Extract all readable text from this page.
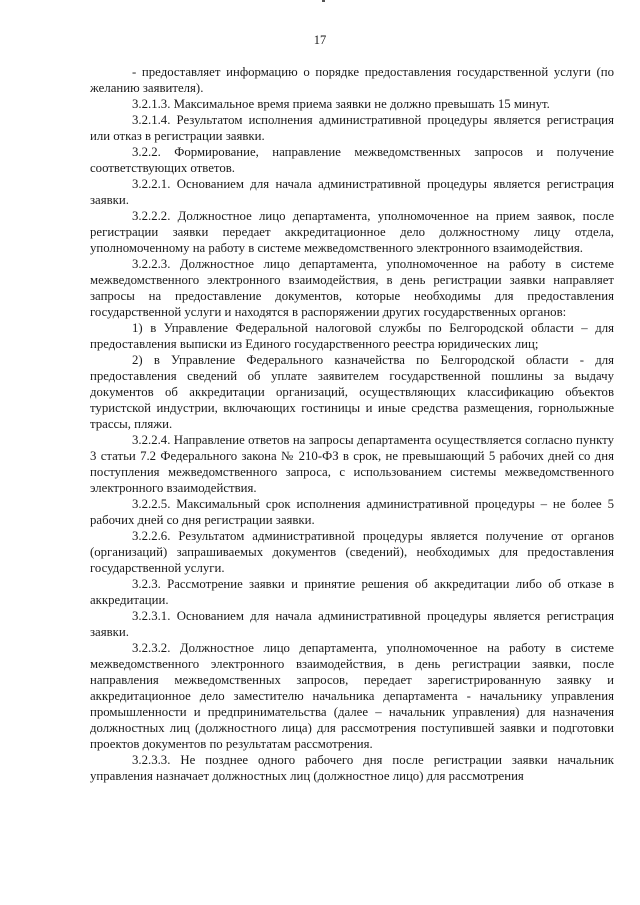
17

- предоставляет информацию о порядке предоставления государственной услуги (по желанию заявителя).

3.2.1.3. Максимальное время приема заявки не должно превышать 15 минут.

3.2.1.4. Результатом исполнения административной процедуры является регистрация или отказ в регистрации заявки.

3.2.2. Формирование, направление межведомственных запросов и получение соответствующих ответов.

3.2.2.1. Основанием для начала административной процедуры является регистрация заявки.

3.2.2.2. Должностное лицо департамента, уполномоченное на прием заявок, после регистрации заявки передает аккредитационное дело должностному лицу отдела, уполномоченному на работу в системе межведомственного электронного взаимодействия.

3.2.2.3. Должностное лицо департамента, уполномоченное на работу в системе межведомственного электронного взаимодействия, в день регистрации заявки направляет запросы на предоставление документов, которые необходимы для предоставления государственной услуги и находятся в распоряжении других государственных органов:

1) в Управление Федеральной налоговой службы по Белгородской области – для предоставления выписки из Единого государственного реестра юридических лиц;

2) в Управление Федерального казначейства по Белгородской области - для предоставления сведений об уплате заявителем государственной пошлины за выдачу документов об аккредитации организаций, осуществляющих классификацию объектов туристской индустрии, включающих гостиницы и иные средства размещения, горнолыжные трассы, пляжи.

3.2.2.4. Направление ответов на запросы департамента осуществляется согласно пункту 3 статьи 7.2 Федерального закона № 210-ФЗ в срок, не превышающий 5 рабочих дней со дня поступления межведомственного запроса, с использованием системы межведомственного электронного взаимодействия.

3.2.2.5. Максимальный срок исполнения административной процедуры – не более 5 рабочих дней со дня регистрации заявки.

3.2.2.6. Результатом административной процедуры является получение от органов (организаций) запрашиваемых документов (сведений), необходимых для предоставления государственной услуги.

3.2.3. Рассмотрение заявки и принятие решения об аккредитации либо об отказе в аккредитации.

3.2.3.1. Основанием для начала административной процедуры является регистрация заявки.

3.2.3.2. Должностное лицо департамента, уполномоченное на работу в системе межведомственного электронного взаимодействия, в день регистрации заявки, после направления межведомственных запросов, передает зарегистрированную заявку и аккредитационное дело заместителю начальника департамента - начальнику управления промышленности и предпринимательства (далее – начальник управления) для назначения должностных лиц (должностного лица) для рассмотрения поступившей заявки и подготовки проектов документов по результатам рассмотрения.

3.2.3.3. Не позднее одного рабочего дня после регистрации заявки начальник управления назначает должностных лиц (должностное лицо) для рассмотрения
